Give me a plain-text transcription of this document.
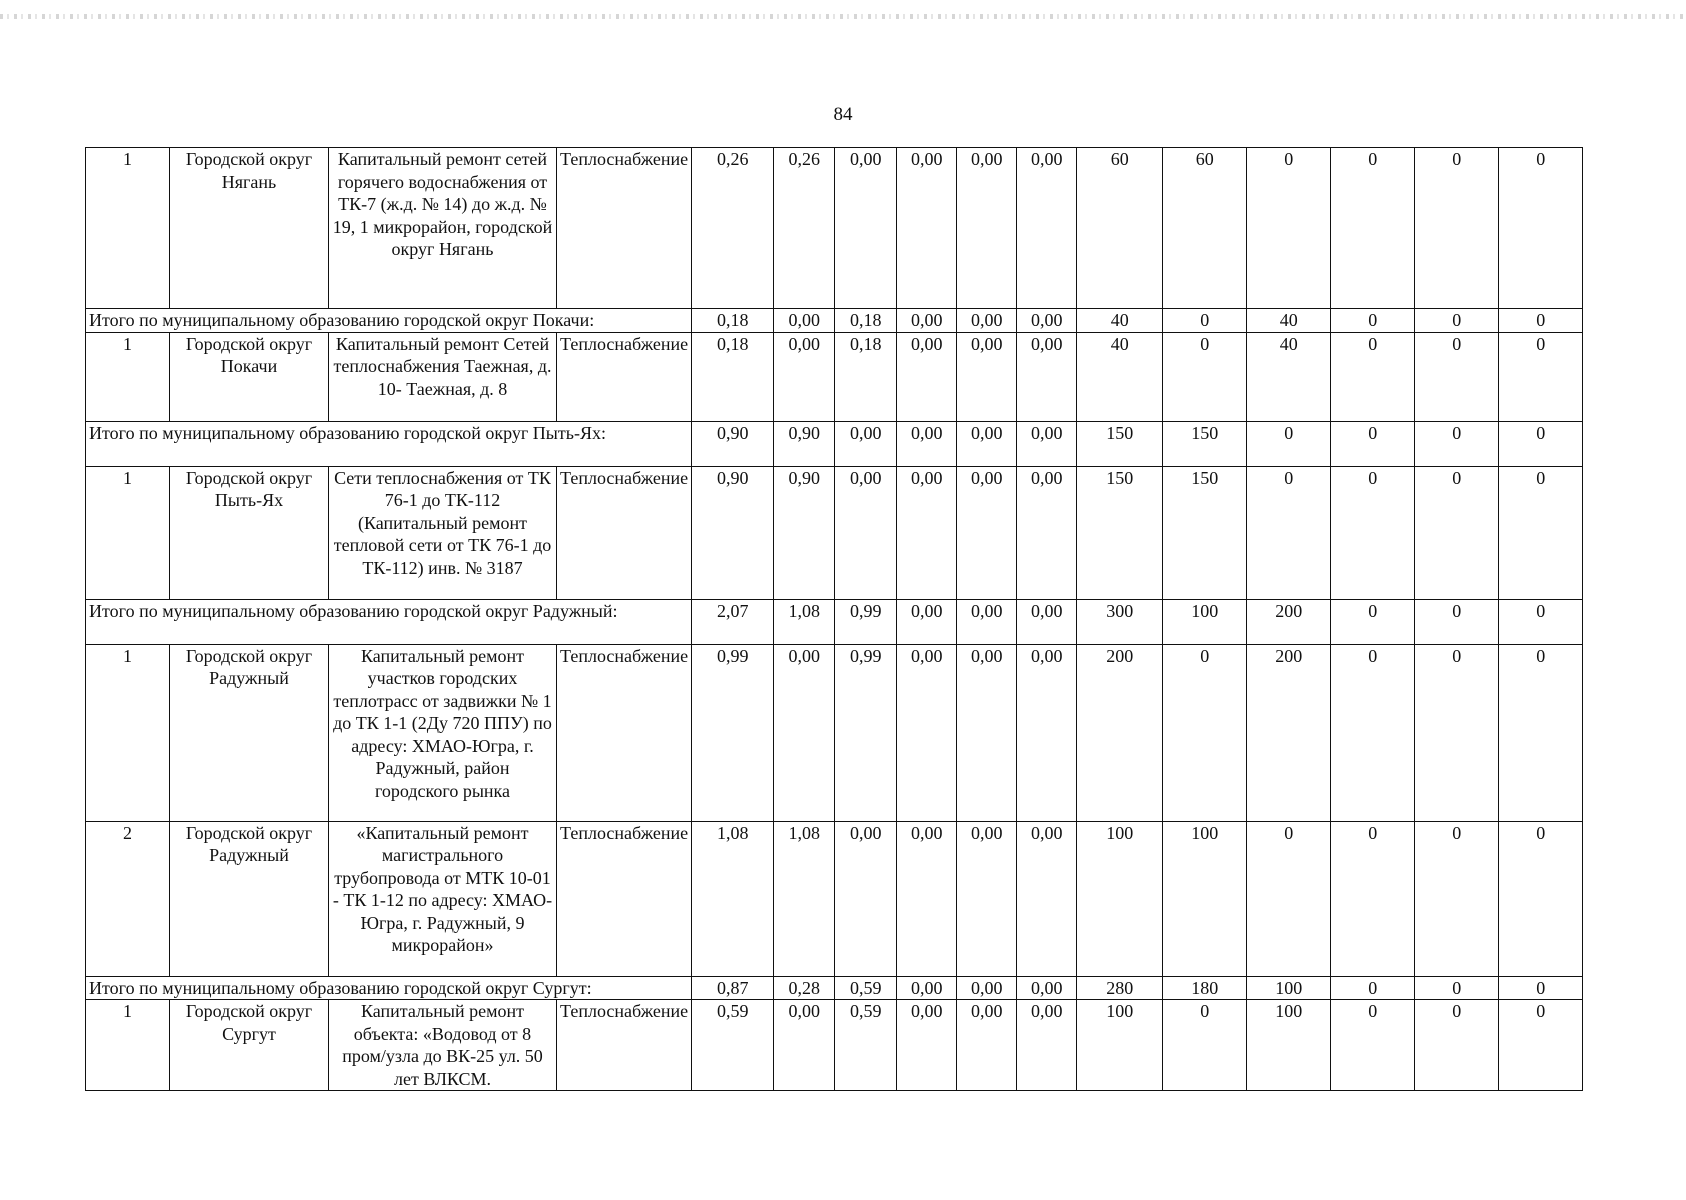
84
1	Городской округ Нягань	Капитальный ремонт сетей горячего водоснабжения от ТК-7 (ж.д. № 14) до ж.д. № 19, 1 микрорайон, городской округ Нягань	Теплоснабжение	0,26	0,26	0,00	0,00	0,00	0,00	60	60	0	0	0	0
Итого по муниципальному образованию городской округ Покачи:				0,18	0,00	0,18	0,00	0,00	0,00	40	0	40	0	0	0
1	Городской округ Покачи	Капитальный ремонт Сетей теплоснабжения Таежная, д. 10- Таежная, д. 8	Теплоснабжение	0,18	0,00	0,18	0,00	0,00	0,00	40	0	40	0	0	0
Итого по муниципальному образованию городской округ Пыть-Ях:				0,90	0,90	0,00	0,00	0,00	0,00	150	150	0	0	0	0
1	Городской округ Пыть-Ях	Сети теплоснабжения от ТК 76-1 до ТК-112 (Капитальный ремонт тепловой сети от ТК 76-1 до ТК-112) инв. № 3187	Теплоснабжение	0,90	0,90	0,00	0,00	0,00	0,00	150	150	0	0	0	0
Итого по муниципальному образованию городской округ Радужный:				2,07	1,08	0,99	0,00	0,00	0,00	300	100	200	0	0	0
1	Городской округ Радужный	Капитальный ремонт участков городских теплотрасс от задвижки № 1 до ТК 1-1 (2Ду 720 ППУ) по адресу: ХМАО-Югра, г. Радужный, район городского рынка	Теплоснабжение	0,99	0,00	0,99	0,00	0,00	0,00	200	0	200	0	0	0
2	Городской округ Радужный	«Капитальный ремонт магистрального трубопровода от МТК 10-01 - ТК 1-12 по адресу: ХМАО-Югра, г. Радужный, 9 микрорайон»	Теплоснабжение	1,08	1,08	0,00	0,00	0,00	0,00	100	100	0	0	0	0
Итого по муниципальному образованию городской округ Сургут:				0,87	0,28	0,59	0,00	0,00	0,00	280	180	100	0	0	0
1	Городской округ Сургут	Капитальный ремонт объекта: «Водовод от 8 пром/узла до ВК-25 ул. 50 лет ВЛКСМ.	Теплоснабжение	0,59	0,00	0,59	0,00	0,00	0,00	100	0	100	0	0	0
